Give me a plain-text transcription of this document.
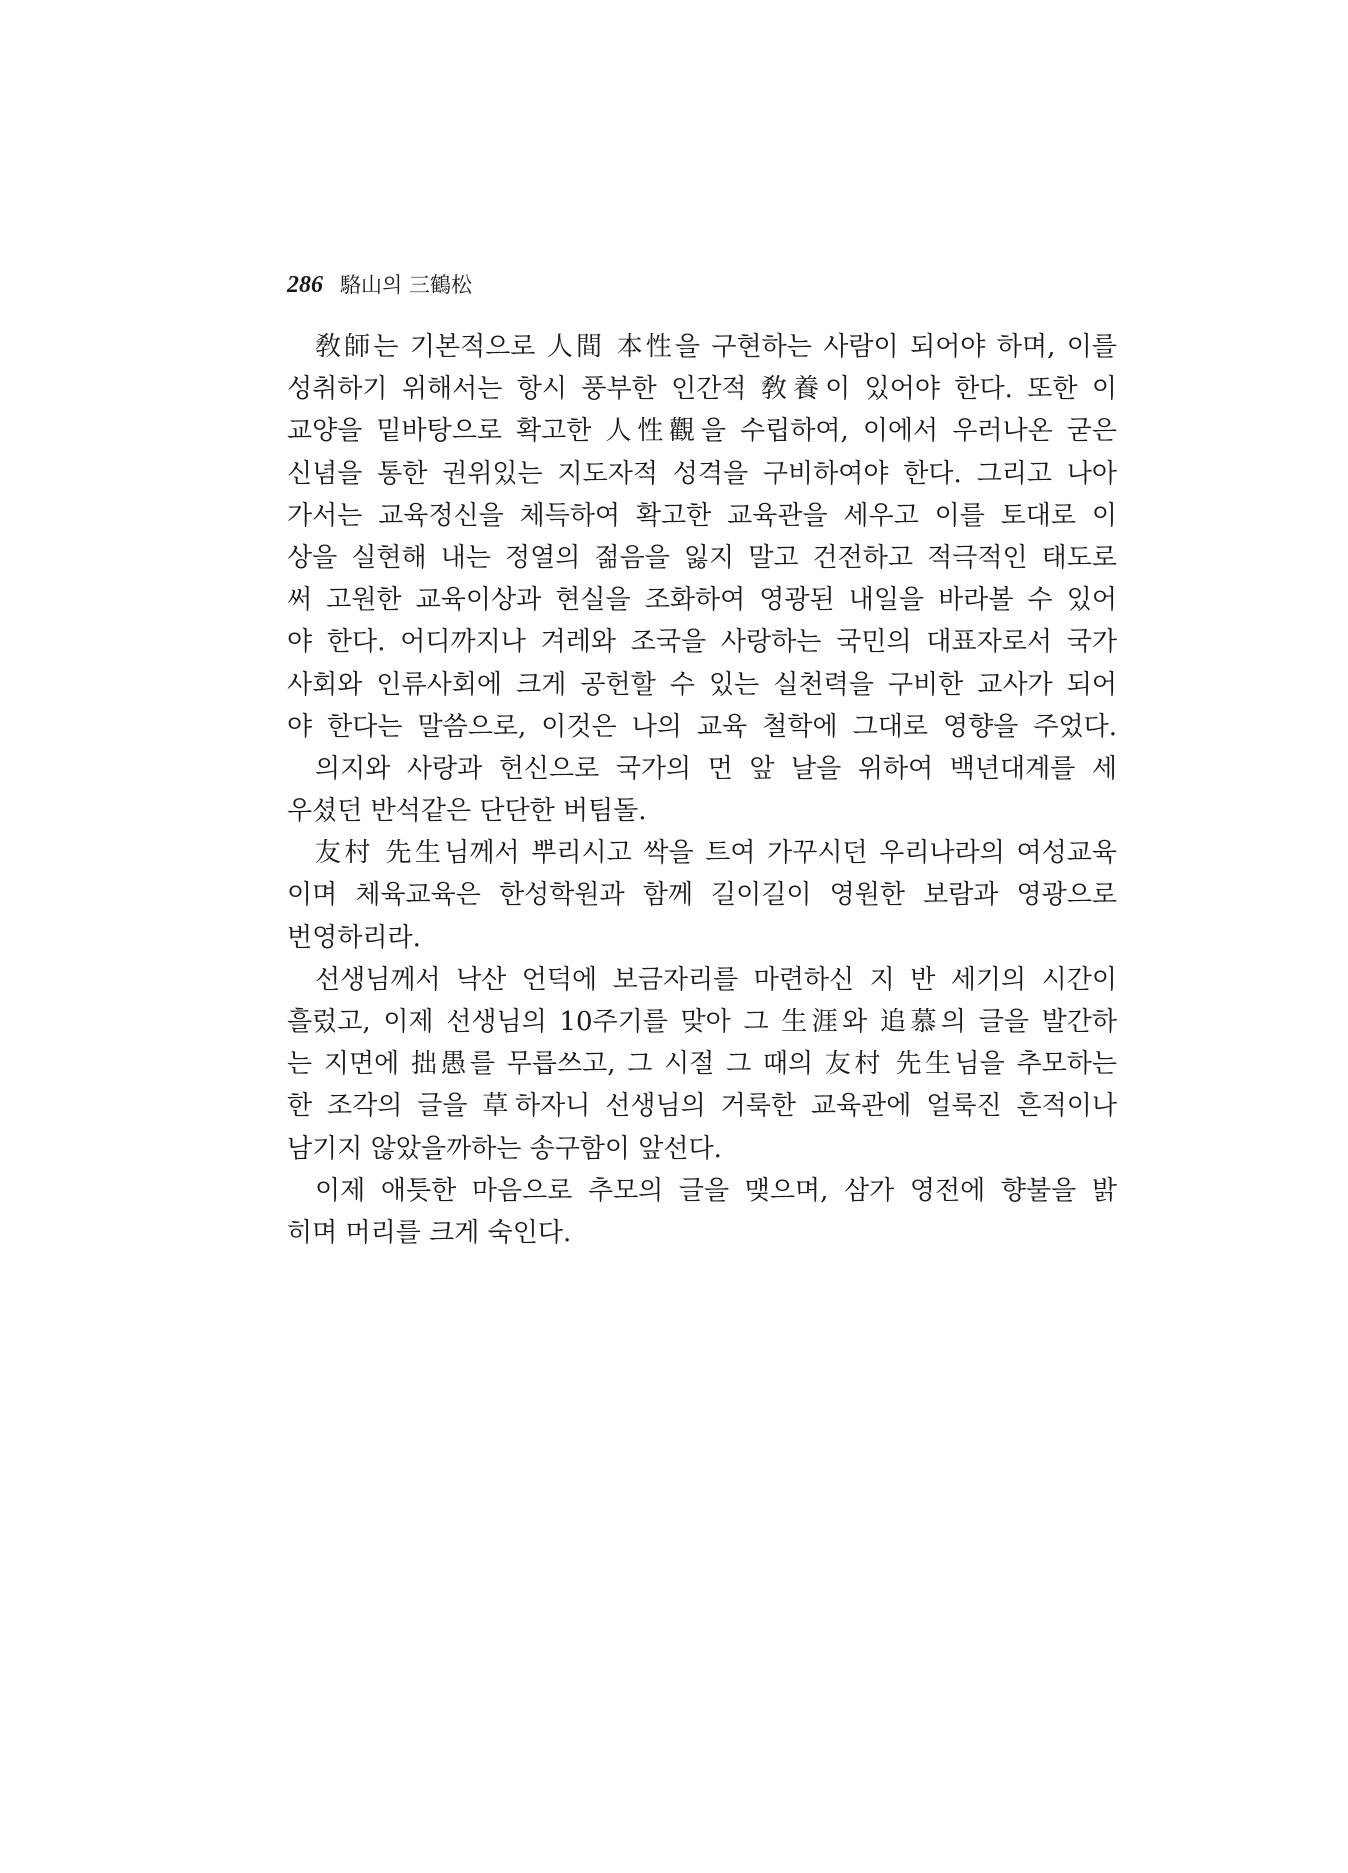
286 駱山의 三鶴松
敎師는 기본적으로 人間 本性을 구현하는 사람이 되어야 하며, 이를
성취하기 위해서는 항시 풍부한 인간적 敎養이 있어야 한다. 또한 이
교양을 밑바탕으로 확고한 人性觀을 수립하여, 이에서 우러나온 굳은
신념을 통한 권위있는 지도자적 성격을 구비하여야 한다. 그리고 나아
가서는 교육정신을 체득하여 확고한 교육관을 세우고 이를 토대로 이
상을 실현해 내는 정열의 젊음을 잃지 말고 건전하고 적극적인 태도로
써 고원한 교육이상과 현실을 조화하여 영광된 내일을 바라볼 수 있어
야 한다. 어디까지나 겨레와 조국을 사랑하는 국민의 대표자로서 국가
사회와 인류사회에 크게 공헌할 수 있는 실천력을 구비한 교사가 되어
야 한다는 말씀으로, 이것은 나의 교육 철학에 그대로 영향을 주었다.
의지와 사랑과 헌신으로 국가의 먼 앞 날을 위하여 백년대계를 세
우셨던 반석같은 단단한 버팀돌.
友村 先生님께서 뿌리시고 싹을 트여 가꾸시던 우리나라의 여성교육
이며 체육교육은 한성학원과 함께 길이길이 영원한 보람과 영광으로
번영하리라.
선생님께서 낙산 언덕에 보금자리를 마련하신 지 반 세기의 시간이
흘렀고, 이제 선생님의 10주기를 맞아 그 生涯와 追慕의 글을 발간하
는 지면에 拙愚를 무릅쓰고, 그 시절 그 때의 友村 先生님을 추모하는
한 조각의 글을 草하자니 선생님의 거룩한 교육관에 얼룩진 흔적이나
남기지 않았을까하는 송구함이 앞선다.
이제 애틋한 마음으로 추모의 글을 맺으며, 삼가 영전에 향불을 밝
히며 머리를 크게 숙인다.
